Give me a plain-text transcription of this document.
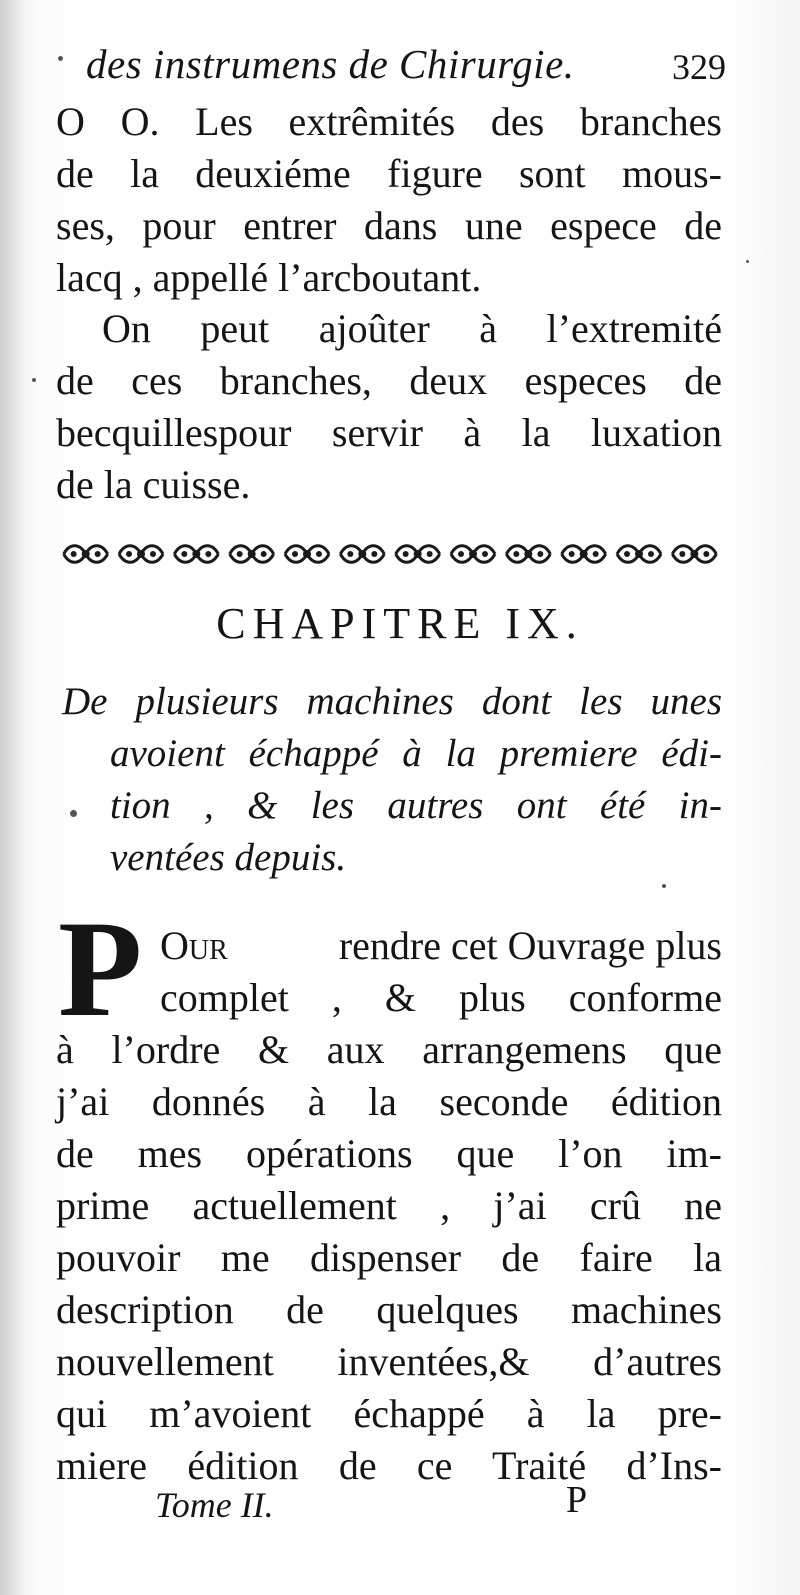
des instrumens de Chirurgie.	329
O O. Les extrêmités des branches
de la deuxiéme figure sont mous-
ses, pour entrer dans une espece de
lacq , appellé l’arcboutant.
On peut ajoûter à l’extremité
de ces branches, deux especes de
becquillespour servir à la luxation
de la cuisse.
CHAPITRE IX.
De plusieurs machines dont les unes
avoient échappé à la premiere édi-
tion , & les autres ont été in-
ventées depuis.
P Our	rendre cet Ouvrage plus
complet , & plus conforme
à l’ordre & aux arrangemens que
j’ai donnés à la seconde édition
de mes opérations que l’on im-
prime actuellement , j’ai crû ne
pouvoir me dispenser de faire la
description de quelques machines
nouvellement inventées,& d’autres
qui m’avoient échappé à la pre-
miere édition de ce Traité d’Ins-
Tome II.	P
